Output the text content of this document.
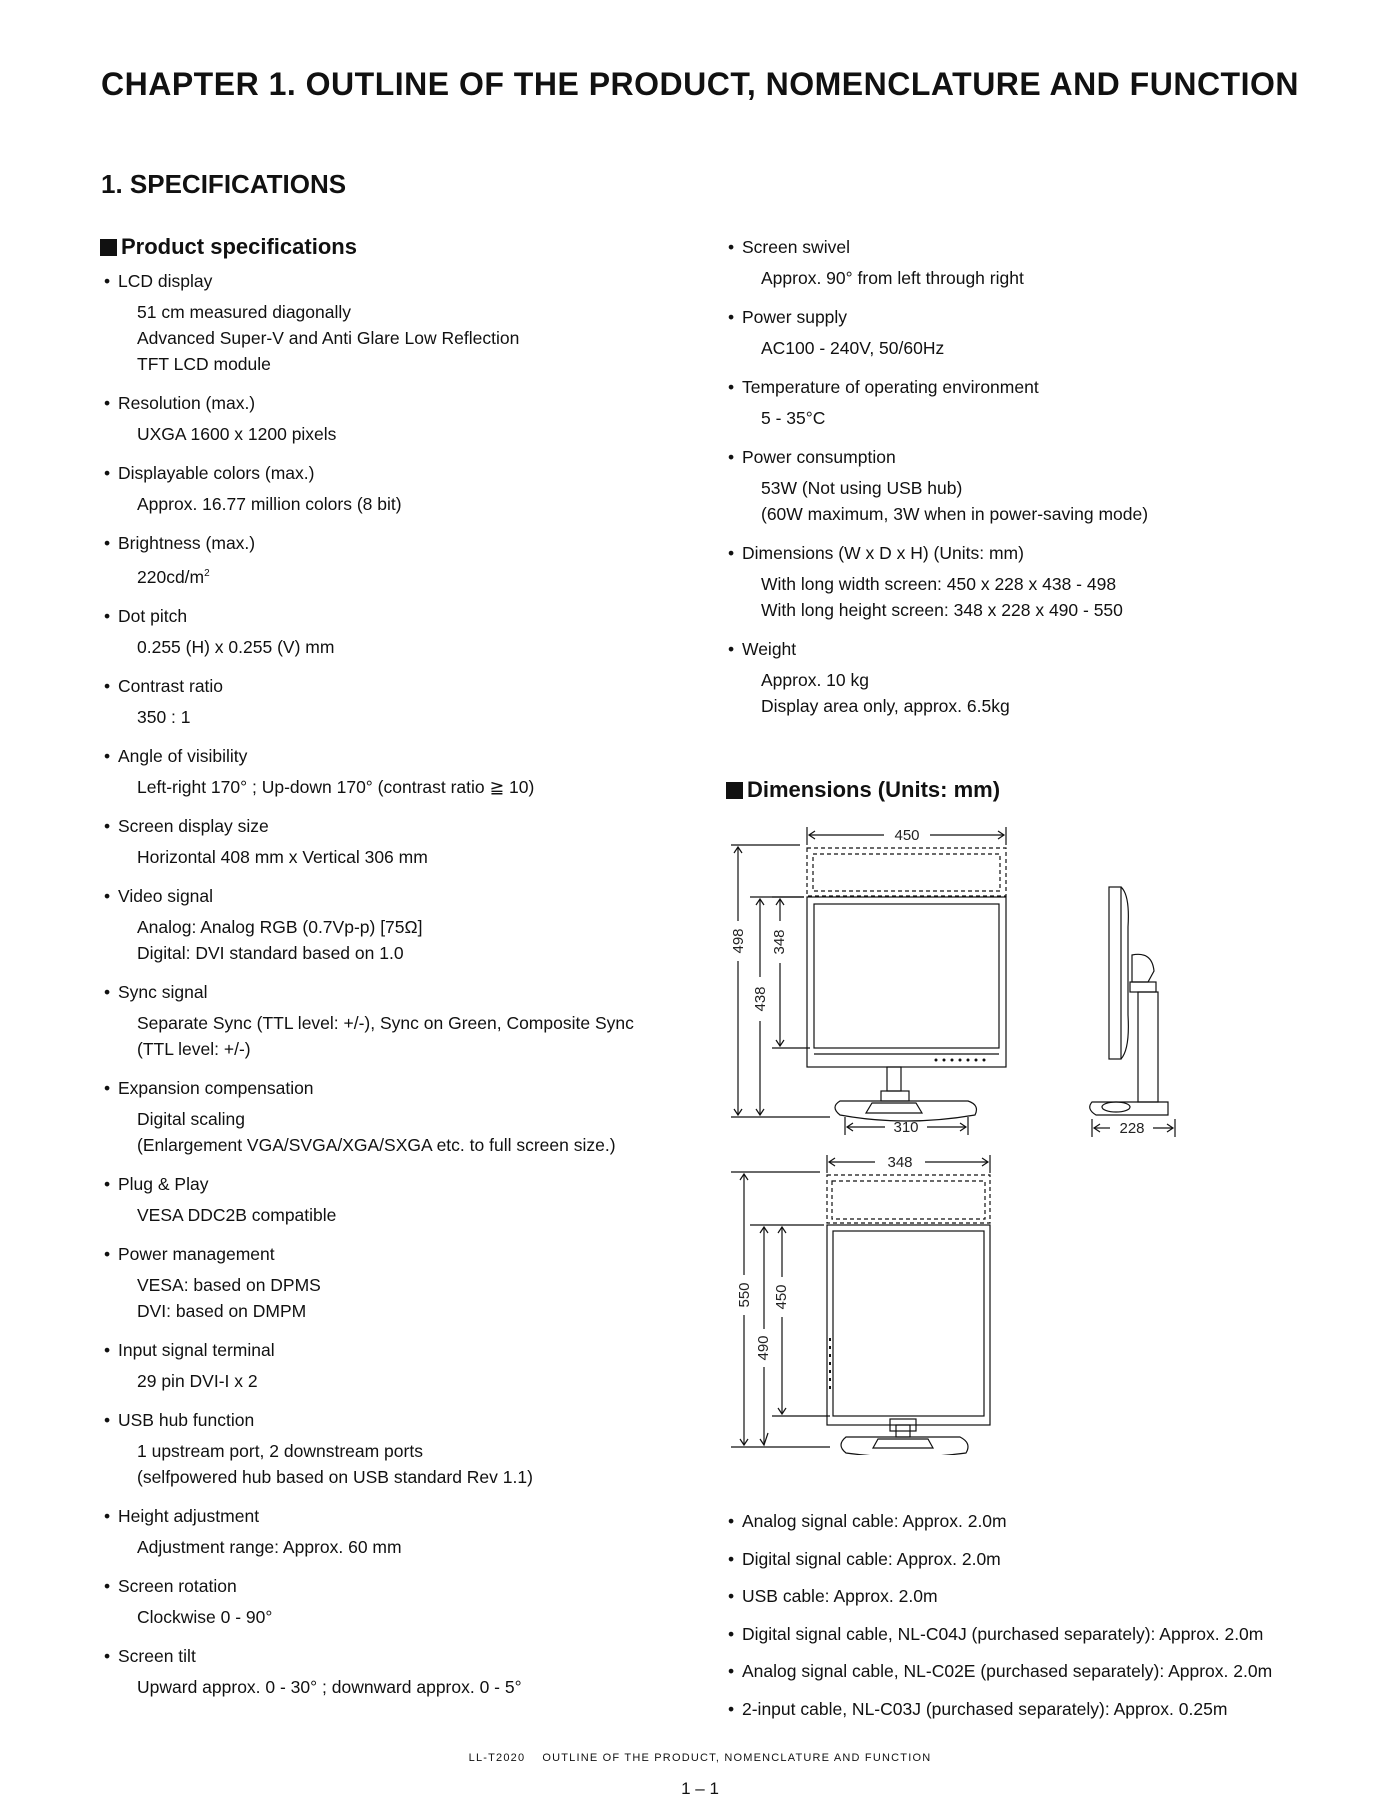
CHAPTER 1. OUTLINE OF THE PRODUCT, NOMENCLATURE AND FUNCTION
1. SPECIFICATIONS
Product specifications
• LCD display
51 cm measured diagonally
Advanced Super-V and Anti Glare Low Reflection
TFT LCD module
• Resolution (max.)
UXGA 1600 x 1200 pixels
• Displayable colors (max.)
Approx. 16.77 million colors (8 bit)
• Brightness (max.)
$220cd/m^2$
• Dot pitch
0.255 (H) x 0.255 (V) mm
• Contrast ratio
350 : 1
• Angle of visibility
Left-right 170° ; Up-down 170° (contrast ratio ≧ 10)
• Screen display size
Horizontal 408 mm x Vertical 306 mm
• Video signal
Analog: Analog RGB (0.7Vp-p) [75Ω]
Digital: DVI standard based on 1.0
• Sync signal
Separate Sync (TTL level: +/-), Sync on Green, Composite Sync
(TTL level: +/-)
• Expansion compensation
Digital scaling
(Enlargement VGA/SVGA/XGA/SXGA etc. to full screen size.)
• Plug & Play
VESA DDC2B compatible
• Power management
VESA: based on DPMS
DVI: based on DMPM
• Input signal terminal
29 pin DVI-I x 2
• USB hub function
1 upstream port, 2 downstream ports
(selfpowered hub based on USB standard Rev 1.1)
• Height adjustment
Adjustment range: Approx. 60 mm
• Screen rotation
Clockwise 0 - 90°
• Screen tilt
Upward approx. 0 - 30° ; downward approx. 0 - 5°
• Screen swivel
Approx. 90° from left through right
• Power supply
AC100 - 240V, 50/60Hz
• Temperature of operating environment
5 - 35°C
• Power consumption
53W (Not using USB hub)
(60W maximum, 3W when in power-saving mode)
• Dimensions (W x D x H) (Units: mm)
With long width screen: 450 x 228 x 438 - 498
With long height screen: 348 x 228 x 490 - 550
• Weight
Approx. 10 kg
Display area only, approx. 6.5kg
Dimensions (Units: mm)
450
498 348
438
310	228
348
550 450
490
• Analog signal cable: Approx. 2.0m
• Digital signal cable: Approx. 2.0m
• USB cable: Approx. 2.0m
• Digital signal cable, NL-C04J (purchased separately): Approx. 2.0m
• Analog signal cable, NL-C02E (purchased separately): Approx. 2.0m
• 2-input cable, NL-C03J (purchased separately): Approx. 0.25m
LL-T2020    OUTLINE OF THE PRODUCT, NOMENCLATURE AND FUNCTION
1 – 1
